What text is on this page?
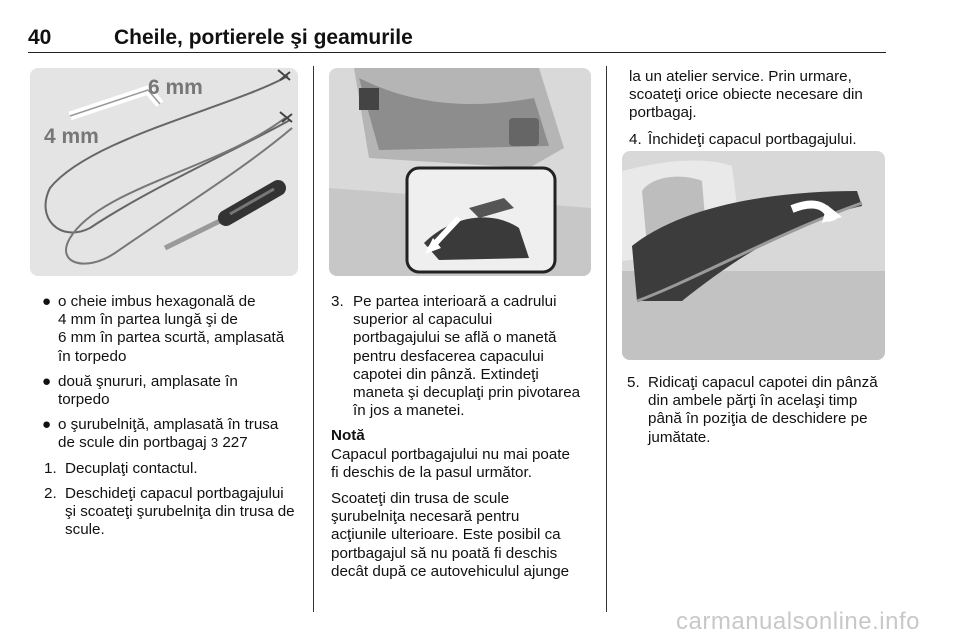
40	Cheile, portierele şi geamurile
6 mm
4 mm
● o cheie imbus hexagonală de
4 mm în partea lungă şi de
6 mm în partea scurtă, amplasată
în torpedo
● două şnururi, amplasate în
torpedo
● o şurubelniţă, amplasată în trusa
de scule din portbagaj 3 227
1. Decuplaţi contactul.
2. Deschideţi capacul portbagajului
şi scoateţi şurubelniţa din trusa de
scule.
3. Pe partea interioară a cadrului
superior al capacului
portbagajului se află o manetă
pentru desfacerea capacului
capotei din pânză. Extindeţi
maneta şi decuplaţi prin pivotarea
în jos a manetei.

Notă
Capacul portbagajului nu mai poate
fi deschis de la pasul următor.

Scoateţi din trusa de scule
şurubelniţa necesară pentru
acţiunile ulterioare. Este posibil ca
portbagajul să nu poată fi deschis
decât după ce autovehiculul ajunge

la un atelier service. Prin urmare,
scoateţi orice obiecte necesare din
portbagaj.

4. Închideţi capacul portbagajului.
5. Ridicaţi capacul capotei din pânză
din ambele părţi în acelaşi timp
până în poziţia de deschidere pe
jumătate.
carmanualsonline.info
